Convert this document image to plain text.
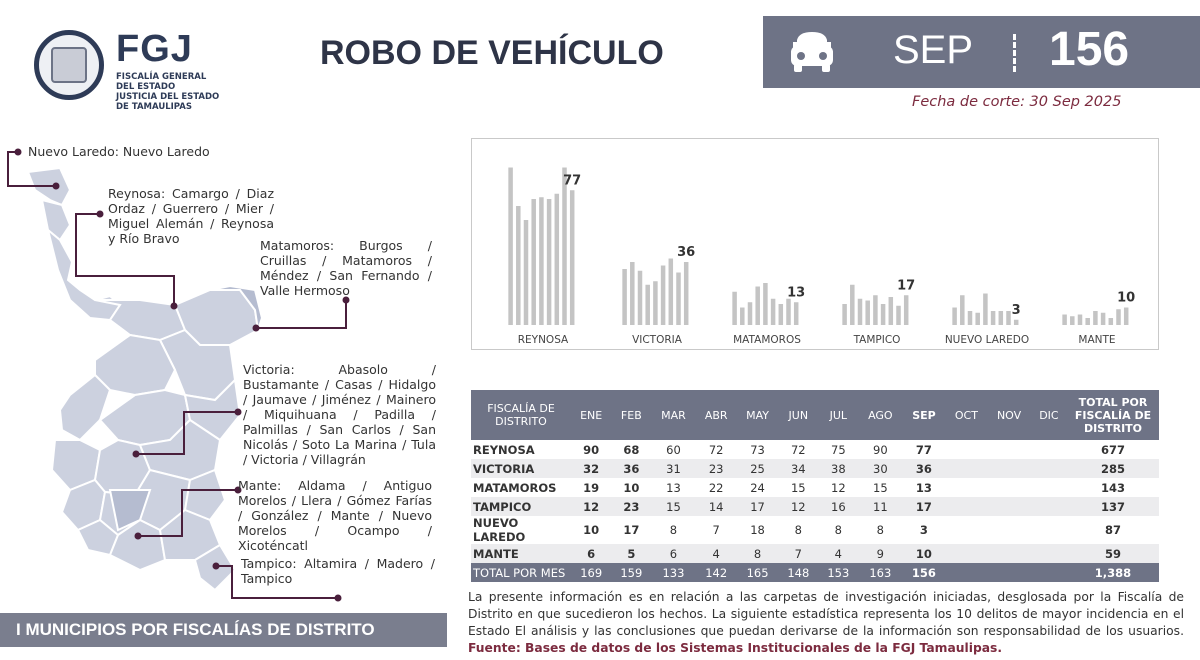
FGJ
FISCALÍA GENERAL DEL ESTADO
JUSTICIA DEL ESTADO
DE TAMAULIPAS
ROBO DE VEHÍCULO	SEP 156
Fecha de corte: 30 Sep 2025
Nuevo Laredo: Nuevo Laredo
Reynosa: Camargo / Diaz Ordaz / Guerrero / Mier / Miguel Alemán / Reynosa y Río Bravo	Matamoros: Burgos / Cruillas / Matamoros / Méndez / San Fernando / Valle Hermoso
Victoria: Abasolo / Bustamante / Casas / Hidalgo / Jaumave / Jiménez / Mainero / Miquihuana / Padilla / Palmillas / San Carlos / San Nicolás / Soto La Marina / Tula / Victoria / Villagrán
Mante: Aldama / Antiguo Morelos / Llera / Gómez Farías / González / Mante / Nuevo Morelos / Ocampo / Xicoténcatl
Tampico: Altamira / Madero / Tampico
I MUNICIPIOS POR FISCALÍAS DE DISTRITO
77
REYNOSA
36
VICTORIA
13
MATAMOROS
17
TAMPICO
3
NUEVO LAREDO
10
MANTE
FISCALÍA DE DISTRITO	ENE	FEB	MAR	ABR	MAY	JUN	JUL	AGO	SEP	OCT	NOV	DIC	TOTAL POR FISCALÍA DE DISTRITO
REYNOSA	90	68	60	72	73	72	75	90	77				677
VICTORIA	32	36	31	23	25	34	38	30	36				285
MATAMOROS	19	10	13	22	24	15	12	15	13				143
TAMPICO	12	23	15	14	17	12	16	11	17				137
NUEVO LAREDO	10	17	8	7	18	8	8	8	3				87
MANTE	6	5	6	4	8	7	4	9	10				59
TOTAL POR MES	169	159	133	142	165	148	153	163	156				1,388
La presente información es en relación a las carpetas de investigación iniciadas, desglosada por la Fiscalía de Distrito en que sucedieron los hechos. La siguiente estadística representa los 10 delitos de mayor incidencia en el Estado El análisis y las conclusiones que puedan derivarse de la información son responsabilidad de los usuarios. Fuente: Bases de datos de los Sistemas Institucionales de la FGJ Tamaulipas.
